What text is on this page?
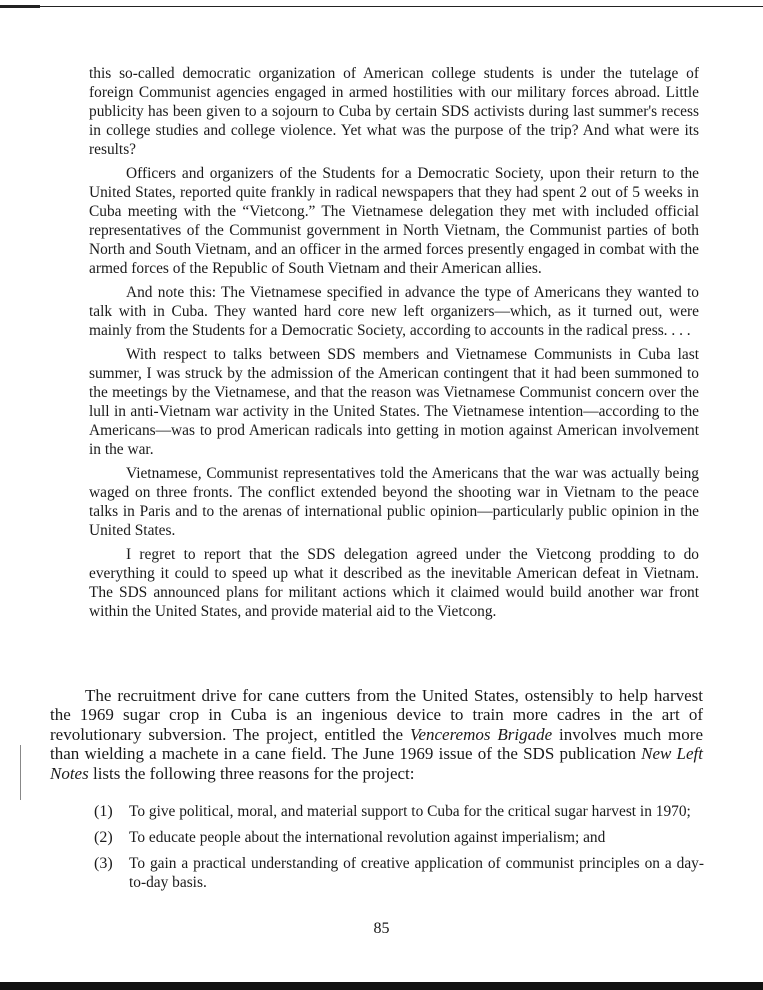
this so-called democratic organization of American college students is under the tutelage of foreign Communist agencies engaged in armed hostilities with our military forces abroad. Little publicity has been given to a sojourn to Cuba by certain SDS activists during last summer's recess in college studies and college violence. Yet what was the purpose of the trip? And what were its results?

Officers and organizers of the Students for a Democratic Society, upon their return to the United States, reported quite frankly in radical newspapers that they had spent 2 out of 5 weeks in Cuba meeting with the “Vietcong.” The Vietnamese delegation they met with included official representatives of the Communist government in North Vietnam, the Communist parties of both North and South Vietnam, and an officer in the armed forces presently engaged in combat with the armed forces of the Republic of South Vietnam and their American allies.

And note this: The Vietnamese specified in advance the type of Americans they wanted to talk with in Cuba. They wanted hard core new left organizers—which, as it turned out, were mainly from the Students for a Democratic Society, according to accounts in the radical press. . . .

With respect to talks between SDS members and Vietnamese Communists in Cuba last summer, I was struck by the admission of the American contingent that it had been summoned to the meetings by the Vietnamese, and that the reason was Vietnamese Communist concern over the lull in anti-Vietnam war activity in the United States. The Vietnamese intention—according to the Americans—was to prod American radicals into getting in motion against American involvement in the war.

Vietnamese, Communist representatives told the Americans that the war was actually being waged on three fronts. The conflict extended beyond the shooting war in Vietnam to the peace talks in Paris and to the arenas of international public opinion—particularly public opinion in the United States.

I regret to report that the SDS delegation agreed under the Vietcong prodding to do everything it could to speed up what it described as the inevitable American defeat in Vietnam. The SDS announced plans for militant actions which it claimed would build another war front within the United States, and provide material aid to the Vietcong.

The recruitment drive for cane cutters from the United States, ostensibly to help harvest the 1969 sugar crop in Cuba is an ingenious device to train more cadres in the art of revolutionary subversion. The project, entitled the Venceremos Brigade involves much more than wielding a machete in a cane field. The June 1969 issue of the SDS publication New Left Notes lists the following three reasons for the project:

(1)	To give political, moral, and material support to Cuba for the critical sugar harvest in 1970;
(2)	To educate people about the international revolution against imperialism; and
(3)	To gain a practical understanding of creative application of communist principles on a day-to-day basis.
85
